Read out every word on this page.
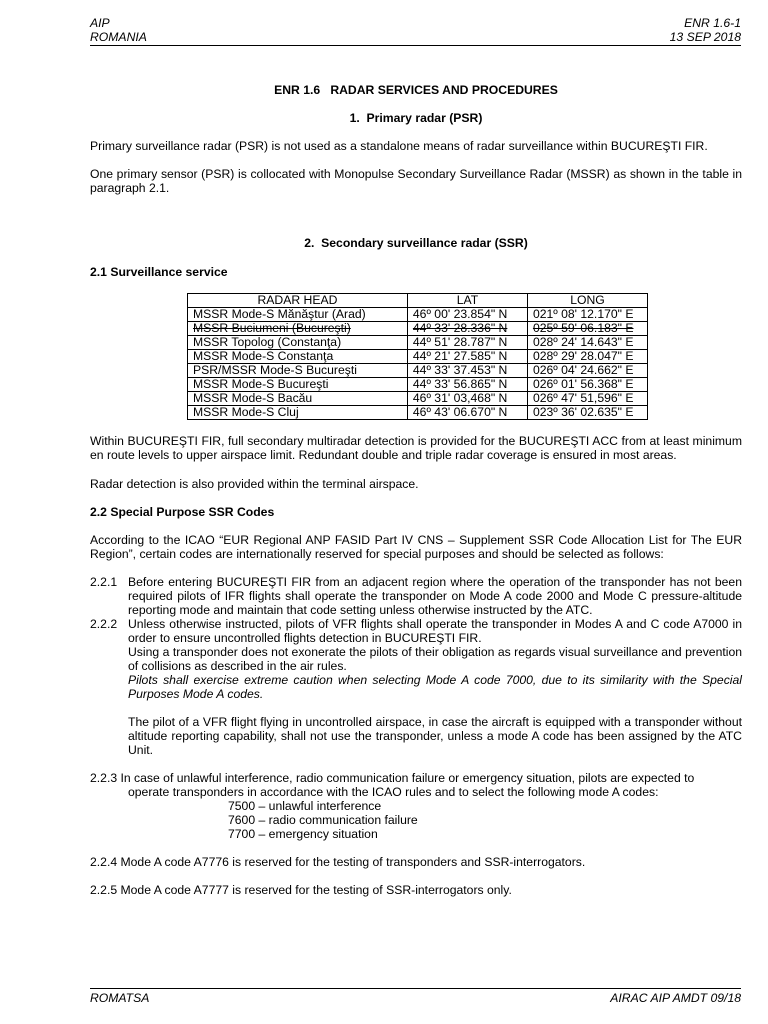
AIP
ROMANIA
ENR 1.6-1
13 SEP 2018
ENR 1.6   RADAR SERVICES AND PROCEDURES
1.  Primary radar (PSR)
Primary surveillance radar (PSR) is not used as a standalone means of radar surveillance within BUCUREŞTI FIR.
One primary sensor (PSR) is collocated with Monopulse Secondary Surveillance Radar (MSSR) as shown in the table in paragraph 2.1.
2.  Secondary surveillance radar (SSR)
2.1 Surveillance service
RADAR HEAD	LAT	LONG
MSSR Mode-S Mănăştur (Arad)	46º 00' 23.854" N	021º 08' 12.170" E
MSSR Buciumeni (Bucureşti)	44º 33' 28.336" N	025º 59' 06.183" E
MSSR Topolog (Constanţa)	44º 51' 28.787" N	028º 24' 14.643" E
MSSR Mode-S Constanţa	44º 21' 27.585" N	028º 29' 28.047" E
PSR/MSSR Mode-S Bucureşti	44º 33' 37.453" N	026º 04' 24.662" E
MSSR Mode-S Bucureşti	44º 33' 56.865" N	026º 01' 56.368" E
MSSR Mode-S Bacău	46º 31' 03,468" N	026º 47' 51,596" E
MSSR Mode-S Cluj	46º 43' 06.670" N	023º 36' 02.635" E
Within BUCUREŞTI FIR, full secondary multiradar detection is provided for the BUCUREŞTI ACC from at least minimum en route levels to upper airspace limit. Redundant double and triple radar coverage is ensured in most areas.
Radar detection is also provided within the terminal airspace.
2.2 Special Purpose SSR Codes
According to the ICAO “EUR Regional ANP FASID Part IV CNS – Supplement SSR Code Allocation List for The EUR Region”, certain codes are internationally reserved for special purposes and should be selected as follows:
2.2.1 Before entering BUCUREŞTI FIR from an adjacent region where the operation of the transponder has not been required pilots of IFR flights shall operate the transponder on Mode A code 2000 and Mode C pressure-altitude reporting mode and maintain that code setting unless otherwise instructed by the ATC.
2.2.2 Unless otherwise instructed, pilots of VFR flights shall operate the transponder in Modes A and C code A7000 in order to ensure uncontrolled flights detection in BUCUREŞTI FIR.
Using a transponder does not exonerate the pilots of their obligation as regards visual surveillance and prevention of collisions as described in the air rules.
Pilots shall exercise extreme caution when selecting Mode A code 7000, due to its similarity with the Special Purposes Mode A codes.
The pilot of a VFR flight flying in uncontrolled airspace, in case the aircraft is equipped with a transponder without altitude reporting capability, shall not use the transponder, unless a mode A code has been assigned by the ATC Unit.
2.2.3 In case of unlawful interference, radio communication failure or emergency situation, pilots are expected to
operate transponders in accordance with the ICAO rules and to select the following mode A codes:
7500 – unlawful interference
7600 – radio communication failure
7700 – emergency situation
2.2.4 Mode A code A7776 is reserved for the testing of transponders and SSR-interrogators.
2.2.5 Mode A code A7777 is reserved for the testing of SSR-interrogators only.
ROMATSA	AIRAC AIP AMDT 09/18
